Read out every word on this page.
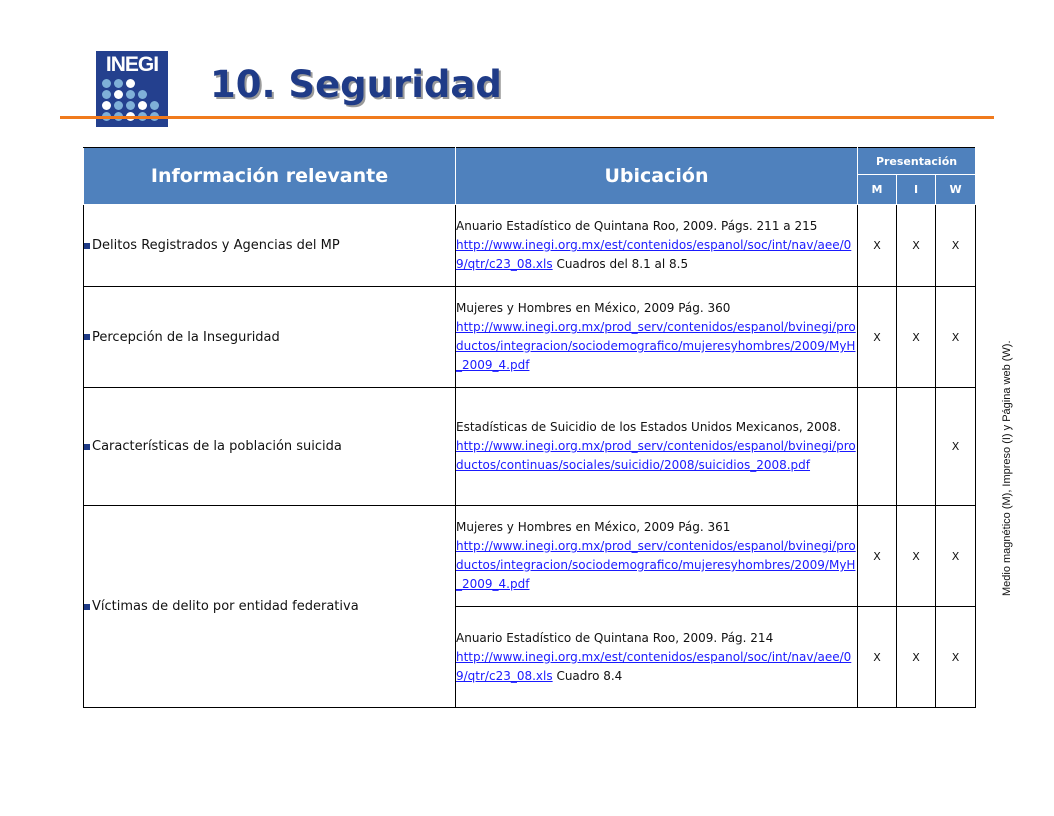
INEGI 10. Seguridad
Medio magnético (M), Impreso (I) y Página web (W).
Información relevante	Ubicación	Presentación		
		M	I	W
Delitos Registrados y Agencias del MP	Anuario Estadístico de Quintana Roo, 2009. Págs. 211 a 215
http://www.inegi.org.mx/est/contenidos/espanol/soc/int/nav/aee/09/qtr/c23_08.xls Cuadros del 8.1 al 8.5	X	X	X
Percepción de la Inseguridad	Mujeres y Hombres en México, 2009 Pág. 360
http://www.inegi.org.mx/prod_serv/contenidos/espanol/bvinegi/productos/integracion/sociodemografico/mujeresyhombres/2009/MyH_2009_4.pdf	X	X	X
Características de la población suicida	Estadísticas de Suicidio de los Estados Unidos Mexicanos, 2008.
http://www.inegi.org.mx/prod_serv/contenidos/espanol/bvinegi/productos/continuas/sociales/suicidio/2008/suicidios_2008.pdf			X
Víctimas de delito por entidad federativa	Mujeres y Hombres en México, 2009 Pág. 361
http://www.inegi.org.mx/prod_serv/contenidos/espanol/bvinegi/productos/integracion/sociodemografico/mujeresyhombres/2009/MyH_2009_4.pdf	X	X	X
	Anuario Estadístico de Quintana Roo, 2009. Pág. 214
http://www.inegi.org.mx/est/contenidos/espanol/soc/int/nav/aee/09/qtr/c23_08.xls Cuadro 8.4	X	X	X
